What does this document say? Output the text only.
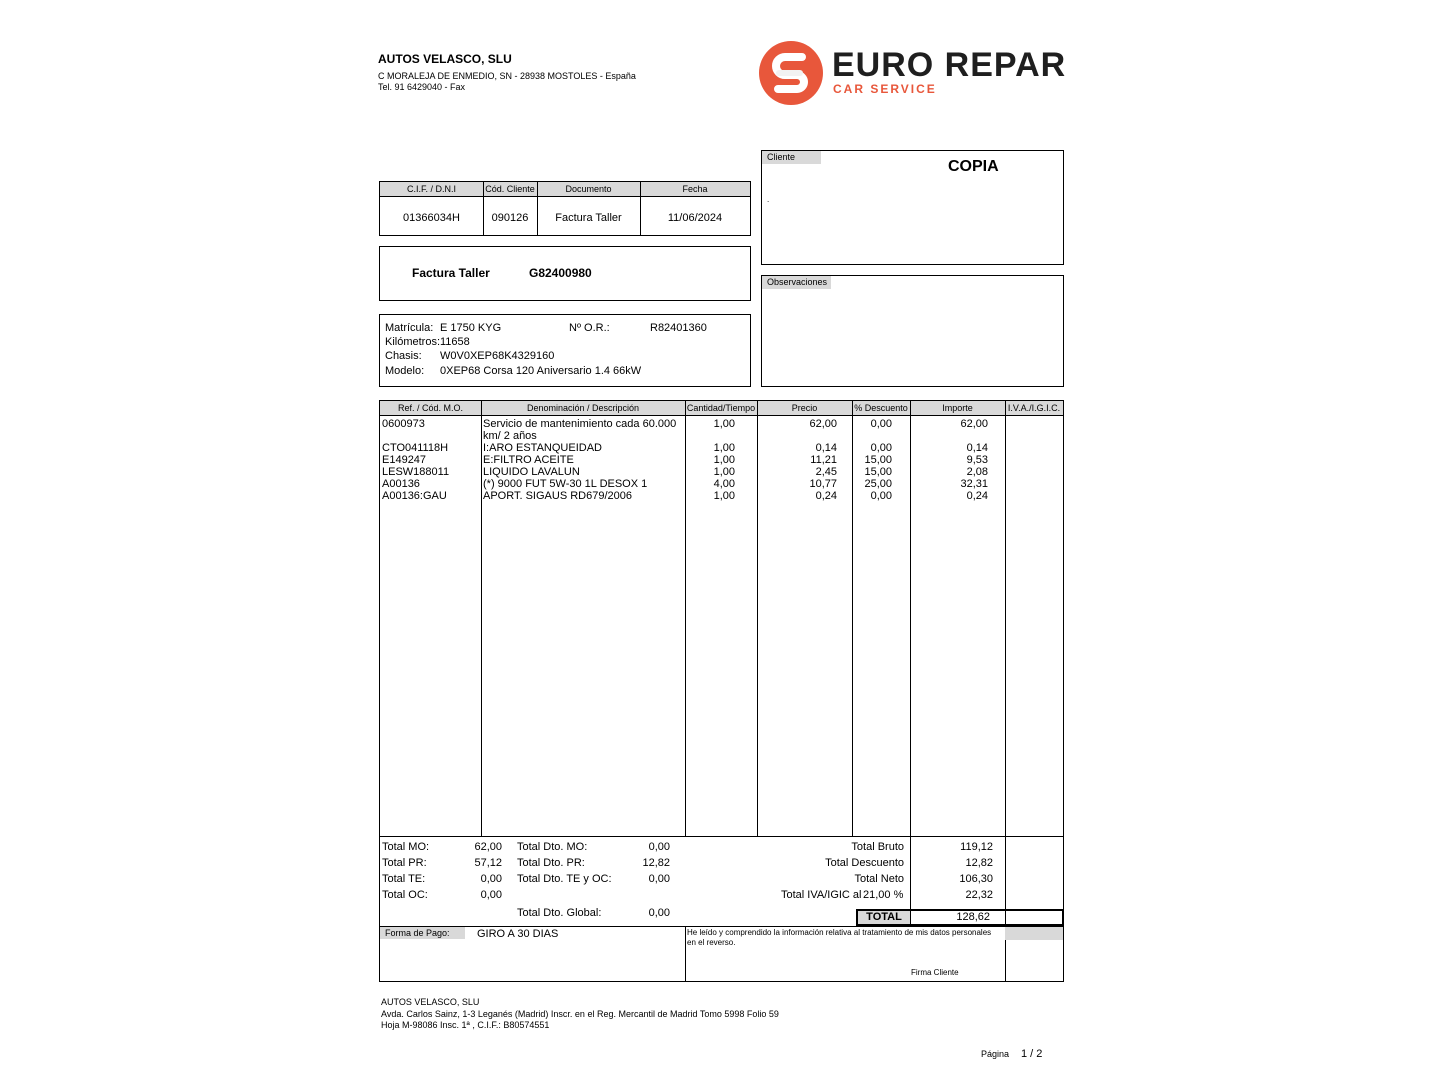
AUTOS VELASCO, SLU
C MORALEJA DE ENMEDIO, SN - 28938 MOSTOLES - España
Tel. 91 6429040 - Fax
EURO REPAR
CAR SERVICE
Cliente
COPIA
.
Observaciones
C.I.F. / D.N.I	Cód. Cliente	Documento	Fecha
01366034H	090126	Factura Taller	11/06/2024
Factura Taller	G82400980
Matrícula: E 1750 KYG	Nº O.R.:	R82401360
Kilómetros: 11658
Chasis: W0V0XEP68K4329160
Modelo: 0XEP68 Corsa 120 Aniversario 1.4 66kW
Ref. / Cód. M.O.	Denominación / Descripción	Cantidad/Tiempo	Precio	% Descuento	Importe	I.V.A./I.G.I.C.
0600973	Servicio de mantenimiento cada 60.000	1,00	62,00	0,00	62,00
km/ 2 años
CTO041118H	I:ARO ESTANQUEIDAD	1,00	0,14	0,00	0,14
E149247	E:FILTRO ACEITE	1,00	11,21	15,00	9,53
LESW188011	LIQUIDO LAVALUN	1,00	2,45	15,00	2,08
A00136	(*) 9000 FUT 5W-30 1L DESOX 1	4,00	10,77	25,00	32,31
A00136:GAU	APORT. SIGAUS RD679/2006	1,00	0,24	0,00	0,24
Total MO:	62,00
Total PR:	57,12
Total TE:	0,00
Total OC:	0,00
Total Dto. MO:	0,00
Total Dto. PR:	12,82
Total Dto. TE y OC:	0,00
Total Dto. Global:	0,00
Total Bruto	119,12
Total Descuento	12,82
Total Neto	106,30
Total IVA/IGIC al 21,00 %	22,32
TOTAL	128,62
Forma de Pago:	GIRO A 30 DIAS	He leído y comprendido la información relativa al tratamiento de mis datos personales en el reverso.
Firma Cliente
AUTOS VELASCO, SLU
Avda. Carlos Sainz, 1-3 Leganés (Madrid) Inscr. en el Reg. Mercantil de Madrid Tomo 5998 Folio 59
Hoja M-98086 Insc. 1ª , C.I.F.: B80574551
Página 1 / 2
